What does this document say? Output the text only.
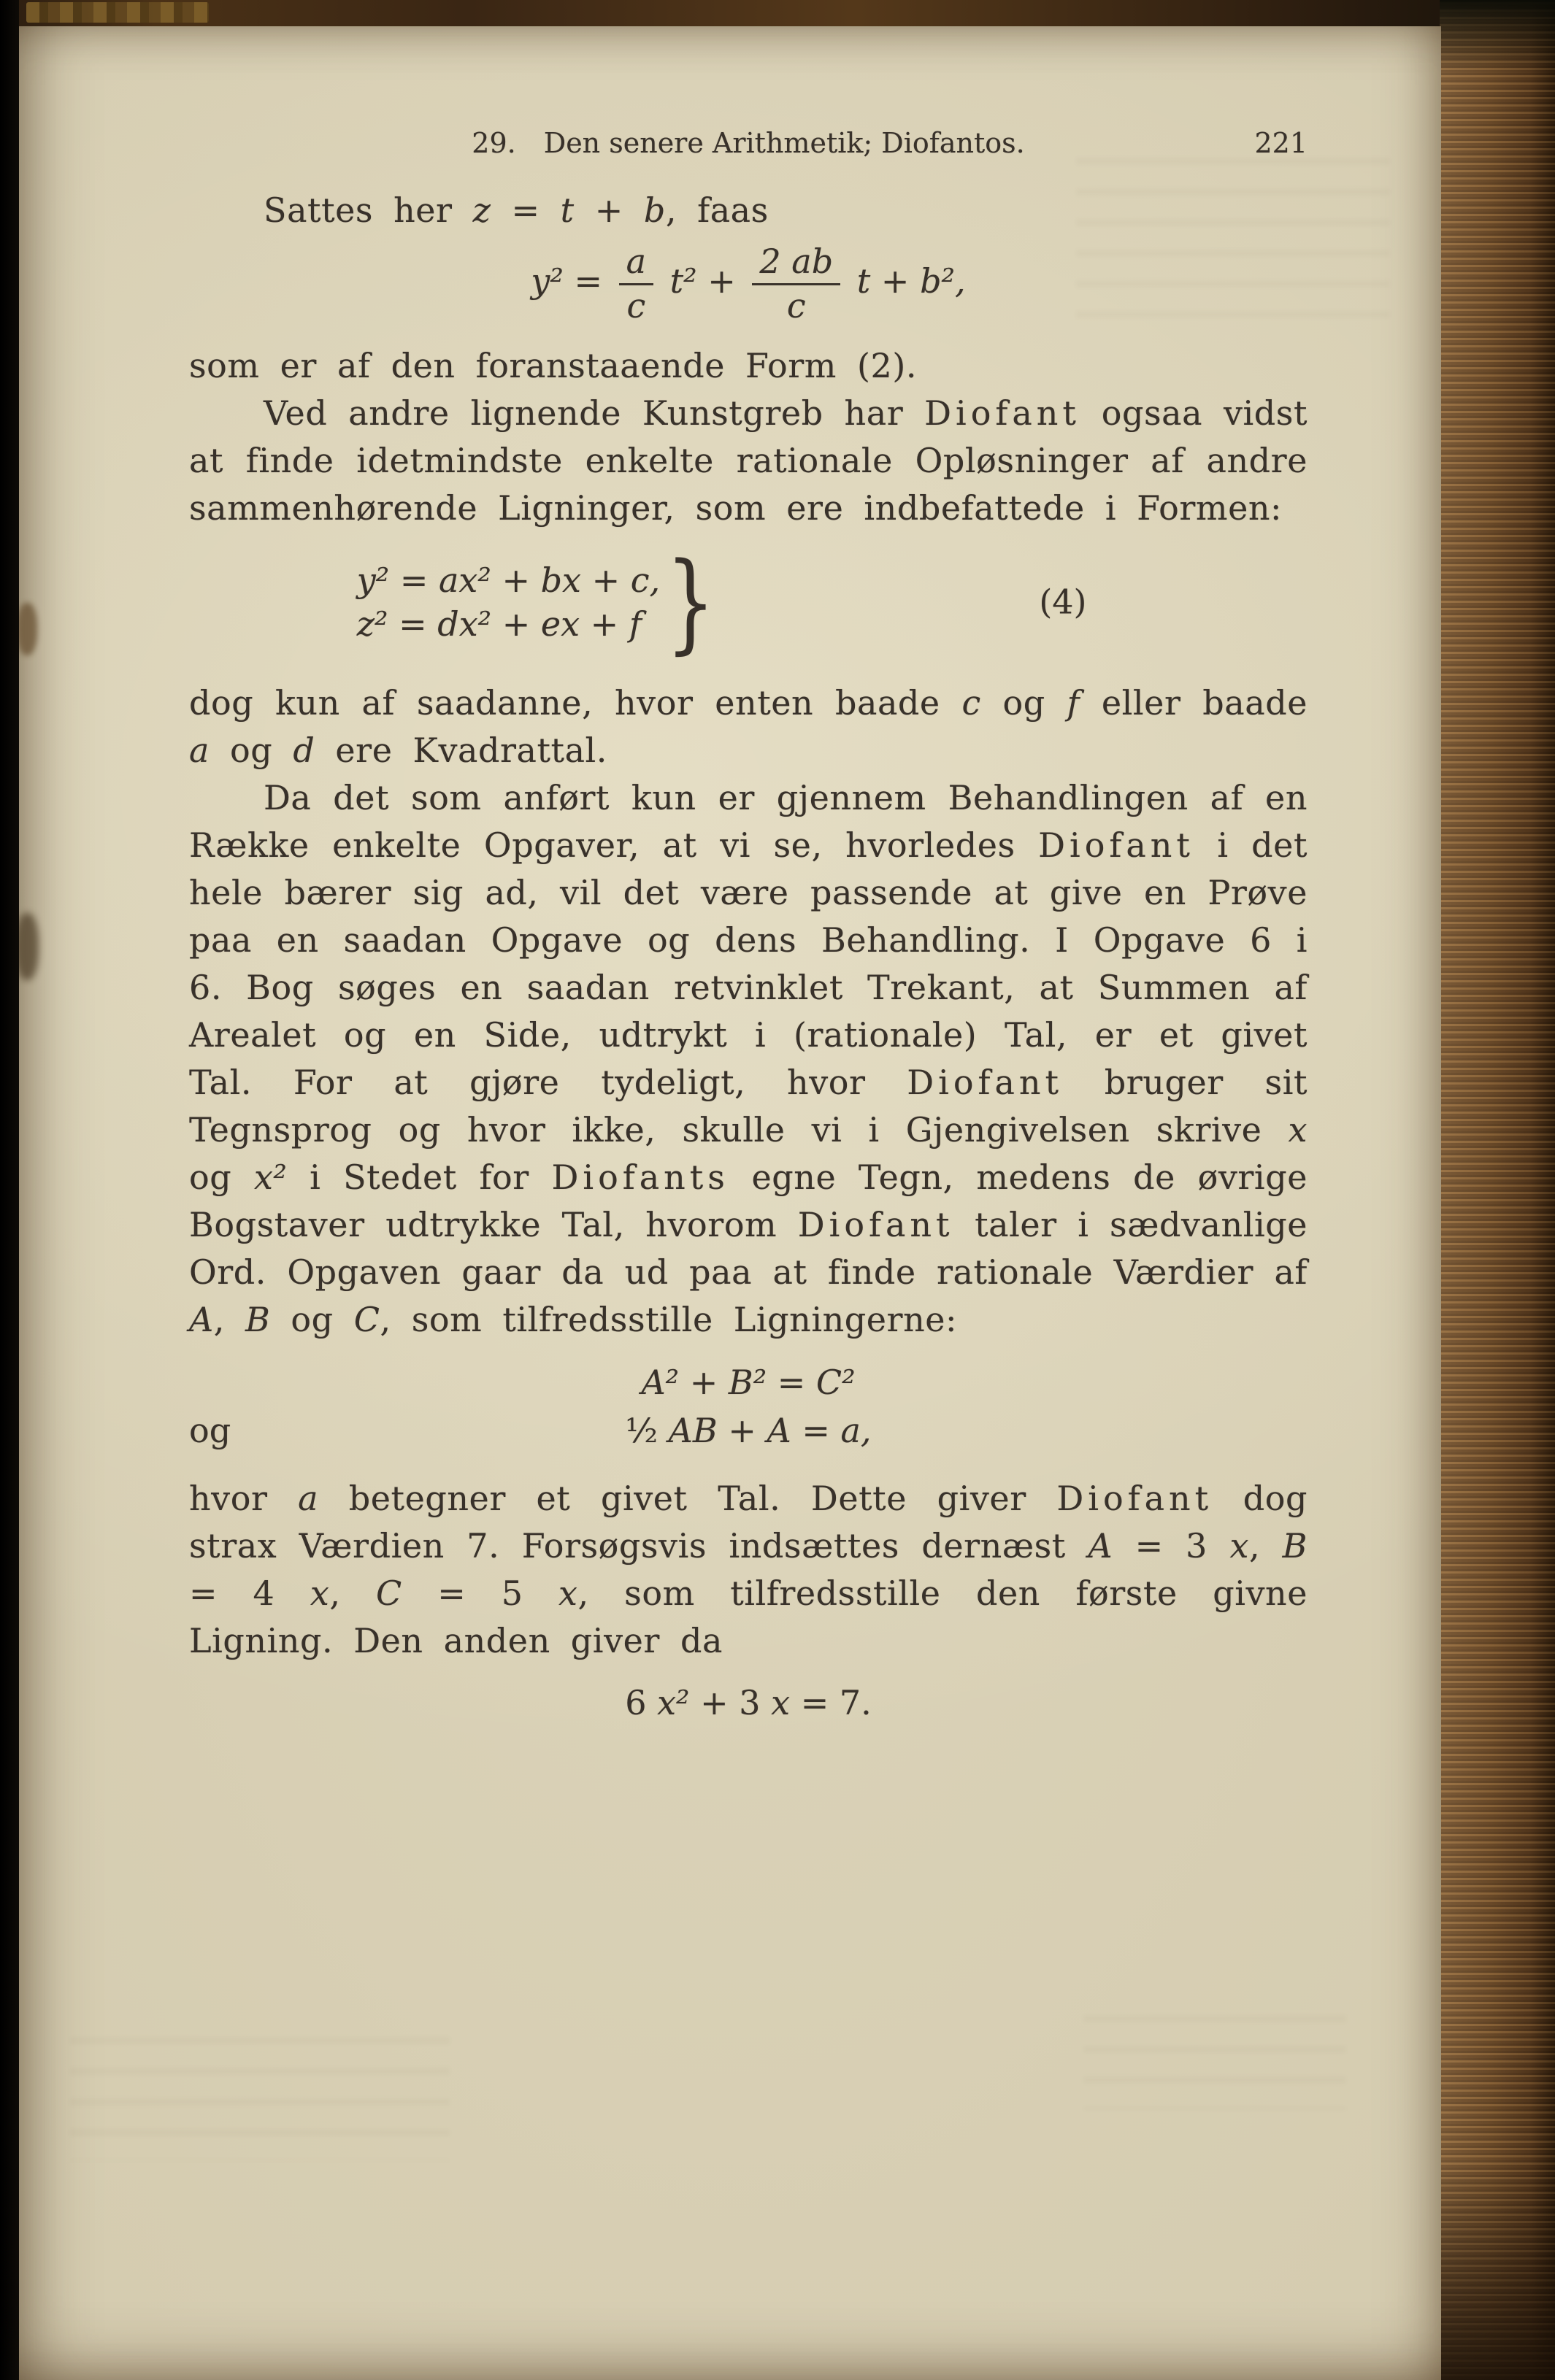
29. Den senere Arithmetik; Diofantos.	221

Sattes her z = t + b, faas

$y^2 = \frac{a}{c} t^2 + \frac{2 ab}{c}$ t + b²,

som er af den foranstaaende Form (2).

Ved andre lignende Kunstgreb har Diofant ogsaa vidst at finde idetmindste enkelte rationale Opløsninger af andre sammenhørende Ligninger, som ere indbefattede i Formen:

y² = ax² + bx + c,
z² = dx² + ex + f }	(4)

dog kun af saadanne, hvor enten baade c og f eller baade a og d ere Kvadrattal.

Da det som anført kun er gjennem Behandlingen af en Række enkelte Opgaver, at vi se, hvorledes Diofant i det hele bærer sig ad, vil det være passende at give en Prøve paa en saadan Opgave og dens Behandling. I Opgave 6 i 6. Bog søges en saadan retvinklet Trekant, at Summen af Arealet og en Side, udtrykt i (rationale) Tal, er et givet Tal. For at gjøre tydeligt, hvor Diofant bruger sit Tegnsprog og hvor ikke, skulle vi i Gjengivelsen skrive x og x² i Stedet for Diofants egne Tegn, medens de øvrige Bogstaver udtrykke Tal, hvorom Diofant taler i sædvanlige Ord. Opgaven gaar da ud paa at finde rationale Værdier af A, B og C, som tilfredsstille Ligningerne:

A² + B² = C²
og	½ AB + A = a,

hvor a betegner et givet Tal. Dette giver Diofant dog strax Værdien 7. Forsøgsvis indsættes dernæst A = 3 x, B = 4 x, C = 5 x, som tilfredsstille den første givne Ligning. Den anden giver da

6 x² + 3 x = 7.
